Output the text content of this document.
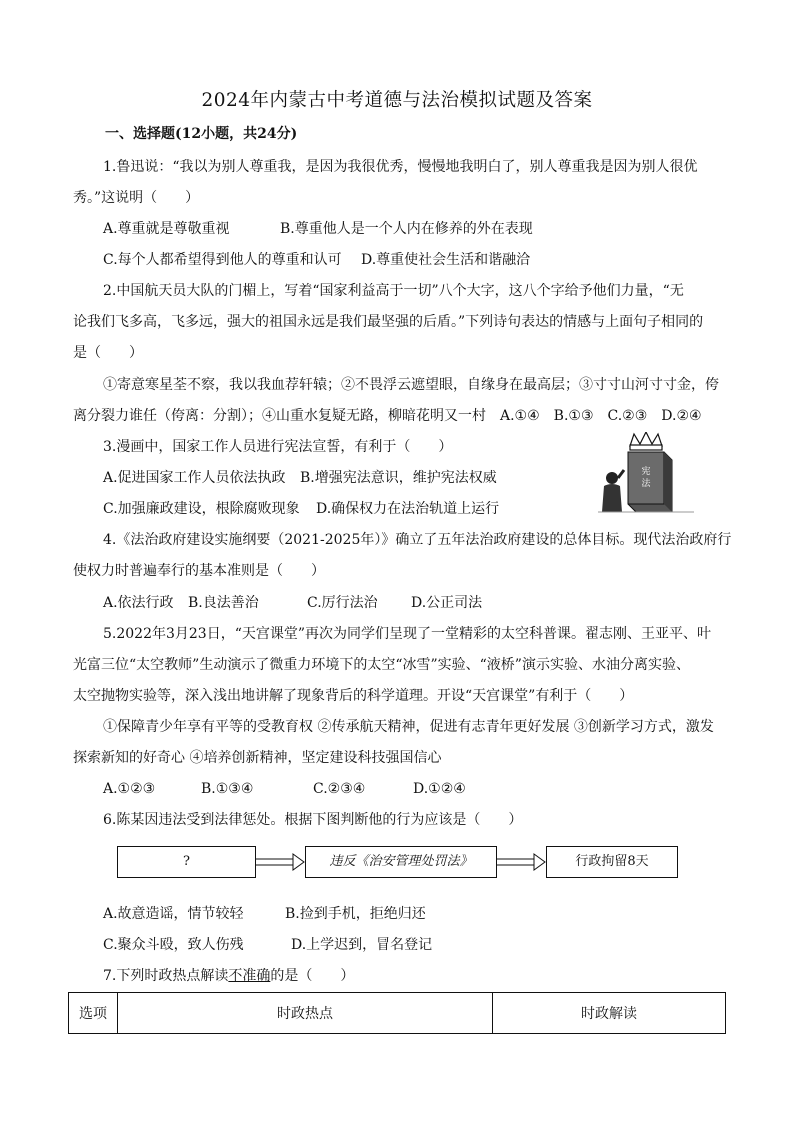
2024年内蒙古中考道德与法治模拟试题及答案
一、选择题(12小题，共24分)
1.鲁迅说：“我以为别人尊重我，是因为我很优秀，慢慢地我明白了，别人尊重我是因为别人很优
秀。”这说明（　　）
A.尊重就是尊敬重视	B.尊重他人是一个人内在修养的外在表现
C.每个人都希望得到他人的尊重和认可 D.尊重使社会生活和谐融洽
2.中国航天员大队的门楣上，写着“国家利益高于一切”八个大字，这八个字给予他们力量，“无
论我们飞多高，飞多远，强大的祖国永远是我们最坚强的后盾。”下列诗句表达的情感与上面句子相同的
是（　　）
①寄意寒星荃不察，我以我血荐轩辕；②不畏浮云遮望眼，自缘身在最高层；③寸寸山河寸寸金，侉
离分裂力谁任（侉离：分割）；④山重水复疑无路，柳暗花明又一村　A.①④　B.①③　C.②③　D.②④
3.漫画中，国家工作人员进行宪法宣誓，有利于（　　）
A.促进国家工作人员依法执政 B.增强宪法意识，维护宪法权威
C.加强廉政建设，根除腐败现象 D.确保权力在法治轨道上运行
宪
法
4.《法治政府建设实施纲要（2021-2025年）》确立了五年法治政府建设的总体目标。现代法治政府行
使权力时普遍奉行的基本准则是（　　）
A.依法行政 B.良法善治	C.厉行法治 D.公正司法
5.2022年3月23日，“天宫课堂”再次为同学们呈现了一堂精彩的太空科普课。翟志刚、王亚平、叶
光富三位“太空教师”生动演示了微重力环境下的太空“冰雪”实验、“液桥”演示实验、水油分离实验、
太空抛物实验等，深入浅出地讲解了现象背后的科学道理。开设“天宫课堂”有利于（　　）
①保障青少年享有平等的受教育权 ②传承航天精神，促进有志青年更好发展 ③创新学习方式，激发
探索新知的好奇心 ④培养创新精神，坚定建设科技强国信心
A.①②③	B.①③④	C.②③④	D.①②④
6.陈某因违法受到法律惩处。根据下图判断他的行为应该是（　　）
?	违反《治安管理处罚法》	行政拘留8天
A.故意造谣，情节较轻	B.捡到手机，拒绝归还
C.聚众斗殴，致人伤残	D.上学迟到，冒名登记
7.下列时政热点解读不准确的是（　　）
选项	时政热点	时政解读
